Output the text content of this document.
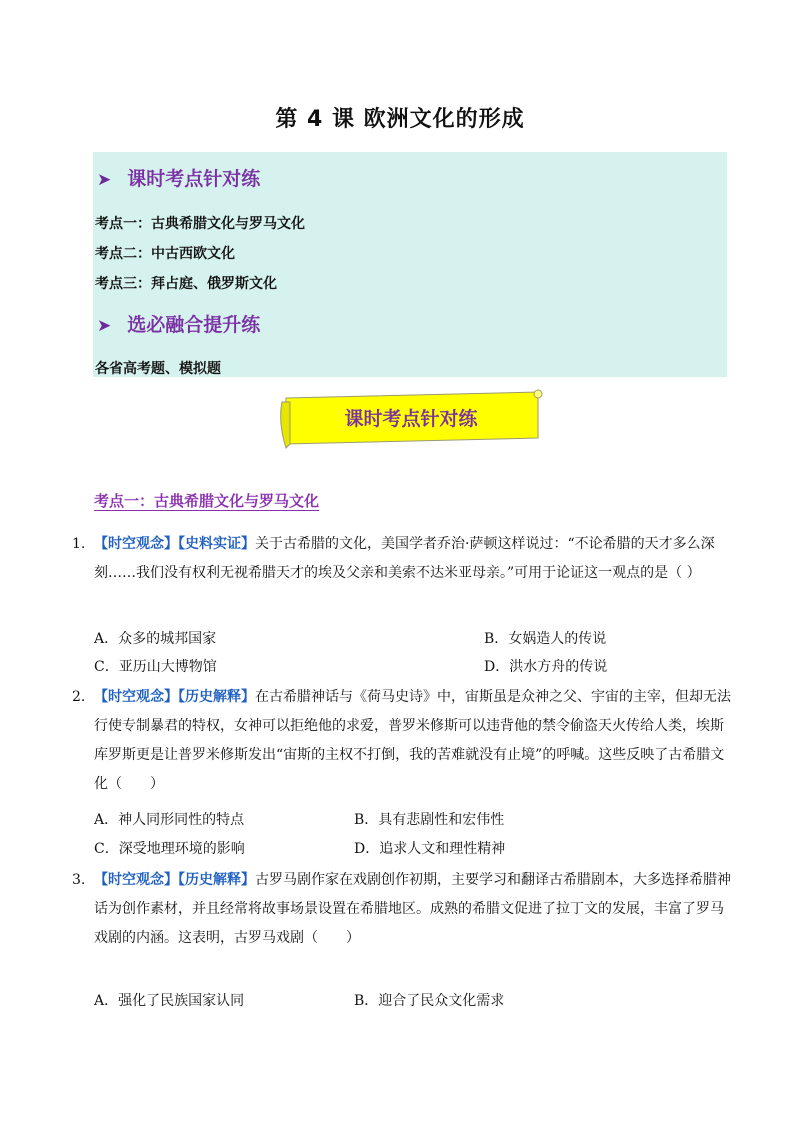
第 4 课 欧洲文化的形成
➤ 课时考点针对练
考点一：古典希腊文化与罗马文化
考点二：中古西欧文化
考点三：拜占庭、俄罗斯文化
➤ 选必融合提升练
各省高考题、模拟题
课时考点针对练
考点一：古典希腊文化与罗马文化
1. 【时空观念】【史料实证】关于古希腊的文化，美国学者乔治·萨顿这样说过：“不论希腊的天才多么深刻……我们没有权利无视希腊天才的埃及父亲和美索不达米亚母亲。”可用于论证这一观点的是（ ）
A．众多的城邦国家	B．女娲造人的传说
C．亚历山大博物馆	D．洪水方舟的传说
2. 【时空观念】【历史解释】在古希腊神话与《荷马史诗》中，宙斯虽是众神之父、宇宙的主宰，但却无法行使专制暴君的特权，女神可以拒绝他的求爱，普罗米修斯可以违背他的禁令偷盗天火传给人类，埃斯库罗斯更是让普罗米修斯发出“宙斯的主权不打倒，我的苦难就没有止境”的呼喊。这些反映了古希腊文化（　　）
A．神人同形同性的特点	B．具有悲剧性和宏伟性
C．深受地理环境的影响	D．追求人文和理性精神
3. 【时空观念】【历史解释】古罗马剧作家在戏剧创作初期，主要学习和翻译古希腊剧本，大多选择希腊神话为创作素材，并且经常将故事场景设置在希腊地区。成熟的希腊文促进了拉丁文的发展，丰富了罗马戏剧的内涵。这表明，古罗马戏剧（　　）
A．强化了民族国家认同	B．迎合了民众文化需求
